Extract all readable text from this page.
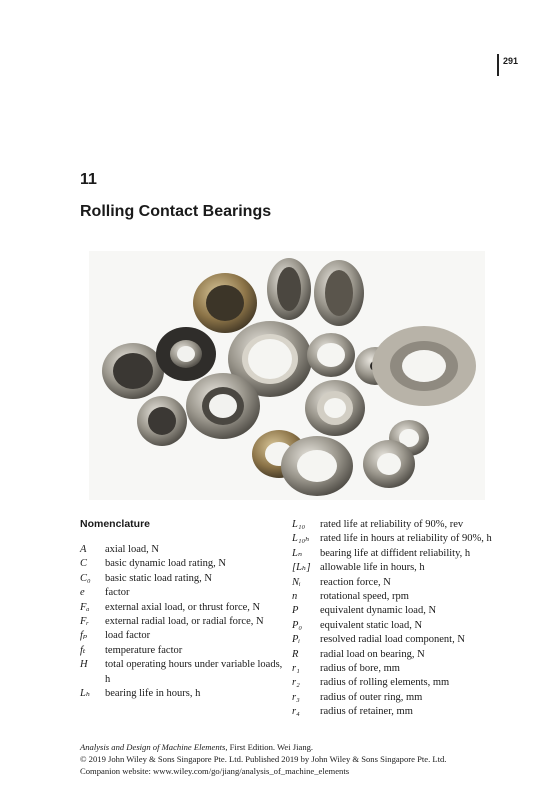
291
11
Rolling Contact Bearings
Nomenclature
A	axial load, N
C	basic dynamic load rating, N
C₀	basic static load rating, N
e	factor
Fₐ	external axial load, or thrust force, N
Fᵣ	external radial load, or radial force, N
fₚ	load factor
fₜ	temperature factor
H	total operating hours under variable loads, h
Lₕ	bearing life in hours, h
L₁₀	rated life at reliability of 90%, rev
L₁₀ₕ rated life in hours at reliability of 90%, h
Lₙ	bearing life at diffident reliability, h
[Lₕ] allowable life in hours, h
Nᵢ	reaction force, N
n	rotational speed, rpm
P	equivalent dynamic load, N
P₀	equivalent static load, N
Pᵢ	resolved radial load component, N
R	radial load on bearing, N
r₁	radius of bore, mm
r₂	radius of rolling elements, mm
r₃	radius of outer ring, mm
r₄	radius of retainer, mm
Analysis and Design of Machine Elements, First Edition. Wei Jiang.
© 2019 John Wiley & Sons Singapore Pte. Ltd. Published 2019 by John Wiley & Sons Singapore Pte. Ltd.
Companion website: www.wiley.com/go/jiang/analysis_of_machine_elements
